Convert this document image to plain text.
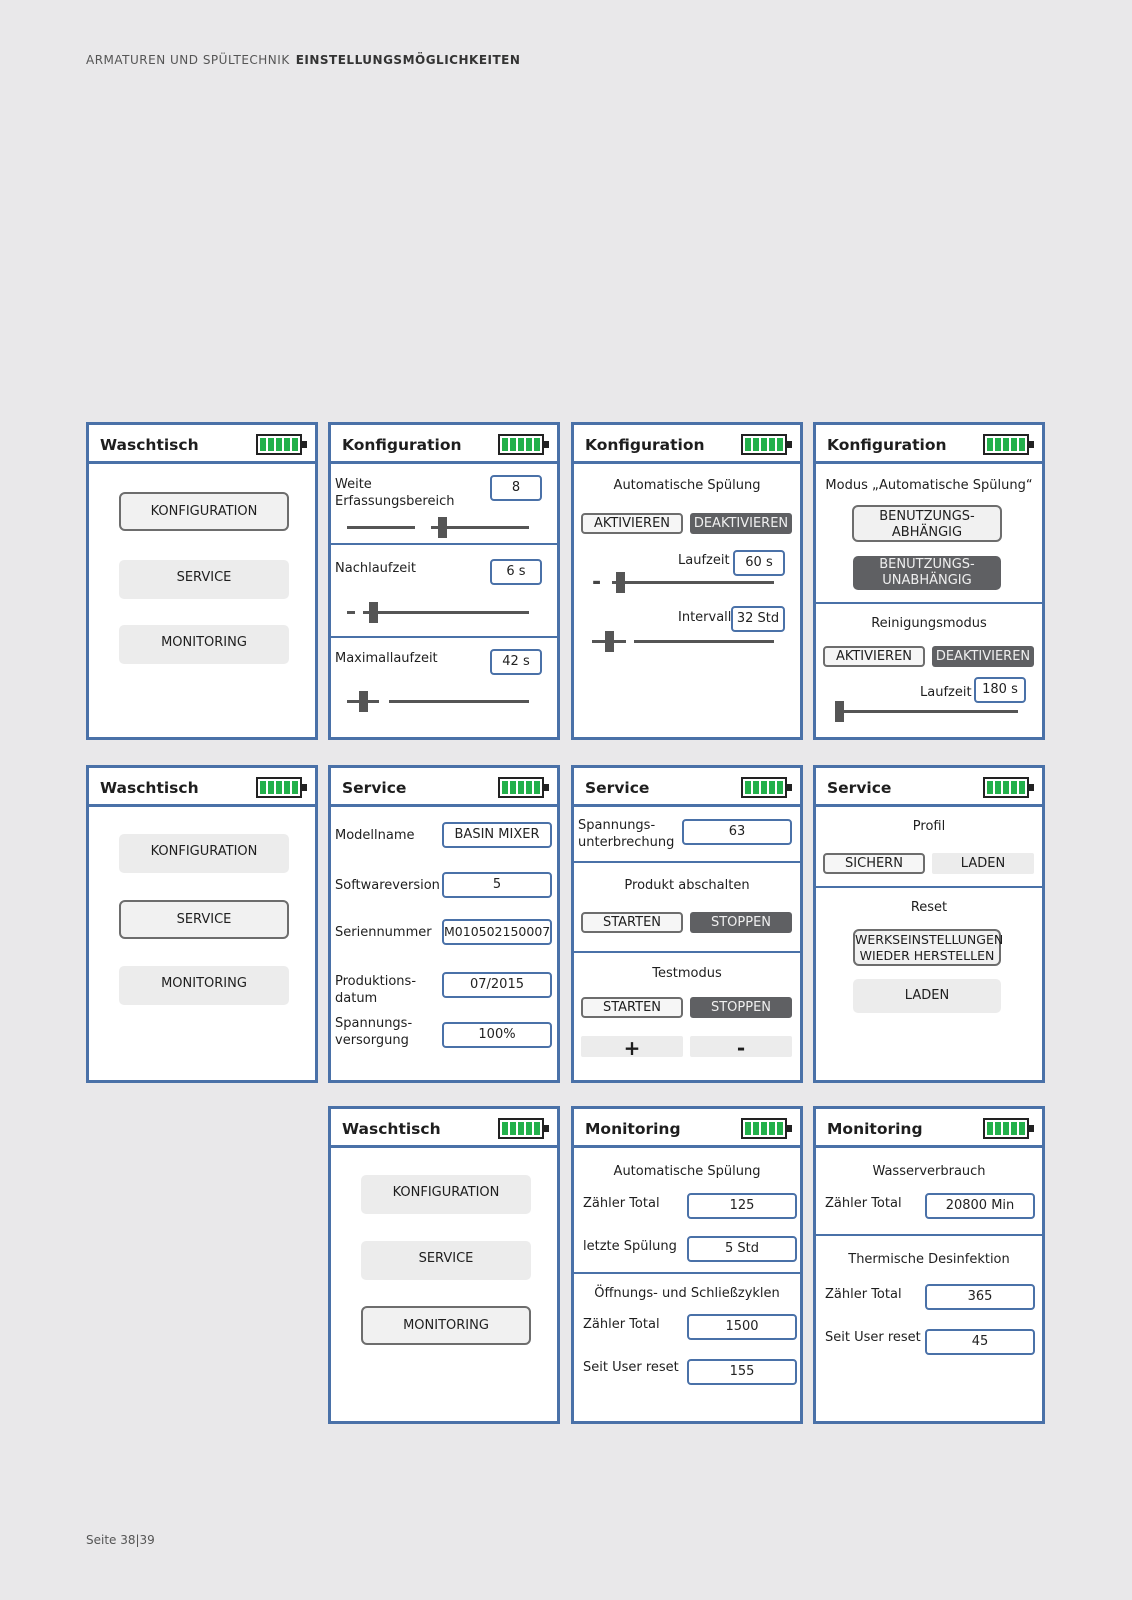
ARMATUREN UND SPÜLTECHNIK EINSTELLUNGSMÖGLICHKEITEN
Waschtisch
KONFIGURATION
SERVICE
MONITORING
Konfiguration
Weite
Erfassungsbereich
8
Nachlaufzeit	6 s
Maximallaufzeit	42 s
Konfiguration
Automatische Spülung
AKTIVIEREN	DEAKTIVIEREN
Laufzeit	60 s
-
Intervall 32 Std
Konfiguration
Modus „Automatische Spülung“
BENUTZUNGS-
ABHÄNGIG
BENUTZUNGS-
UNABHÄNGIG
Reinigungsmodus
AKTIVIEREN	DEAKTIVIEREN
Laufzeit 180 s
Waschtisch
KONFIGURATION
SERVICE
MONITORING
Service
Modellname	BASIN MIXER
Softwareversion	5
Seriennummer M010502150007
Produktions-
datum
07/2015
Spannungs-
versorgung	100%
Service
Spannungs-
unterbrechung
63
Produkt abschalten
STARTEN	STOPPEN
Testmodus
STARTEN	STOPPEN
+	-
Service
Profil
SICHERN	LADEN
Reset
WERKSEINSTELLUNGEN
WIEDER HERSTELLEN
LADEN
Waschtisch
KONFIGURATION
SERVICE
MONITORING
Monitoring
Automatische Spülung
Zähler Total	125
letzte Spülung	5 Std
Öffnungs- und Schließzyklen
Zähler Total	1500
Seit User reset	155
Monitoring
Wasserverbrauch
Zähler Total	20800 Min
Thermische Desinfektion
Zähler Total	365
Seit User reset	45
Seite 38|39
